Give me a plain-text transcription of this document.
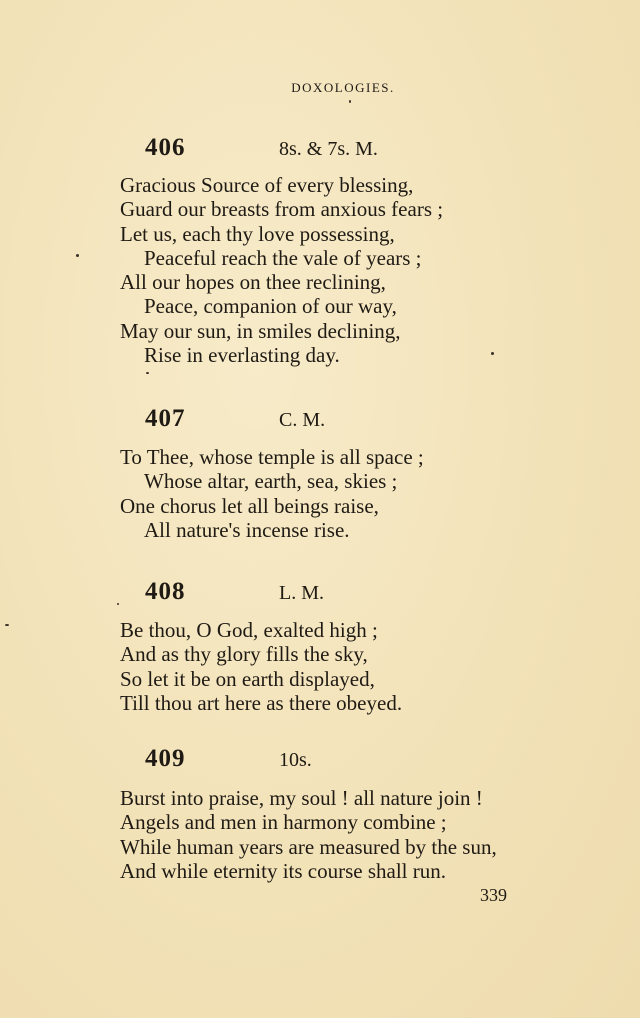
DOXOLOGIES.
406	8s. & 7s. M.
Gracious Source of every blessing,
Guard our breasts from anxious fears ;
Let us, each thy love possessing,
Peaceful reach the vale of years ;
All our hopes on thee reclining,
Peace, companion of our way,
May our sun, in smiles declining,
Rise in everlasting day.
407	C. M.
To Thee, whose temple is all space ;
Whose altar, earth, sea, skies ;
One chorus let all beings raise,
All nature's incense rise.
408	L. M.
Be thou, O God, exalted high ;
And as thy glory fills the sky,
So let it be on earth displayed,
Till thou art here as there obeyed.
409	10s.
Burst into praise, my soul ! all nature join !
Angels and men in harmony combine ;
While human years are measured by the sun,
And while eternity its course shall run.
339
